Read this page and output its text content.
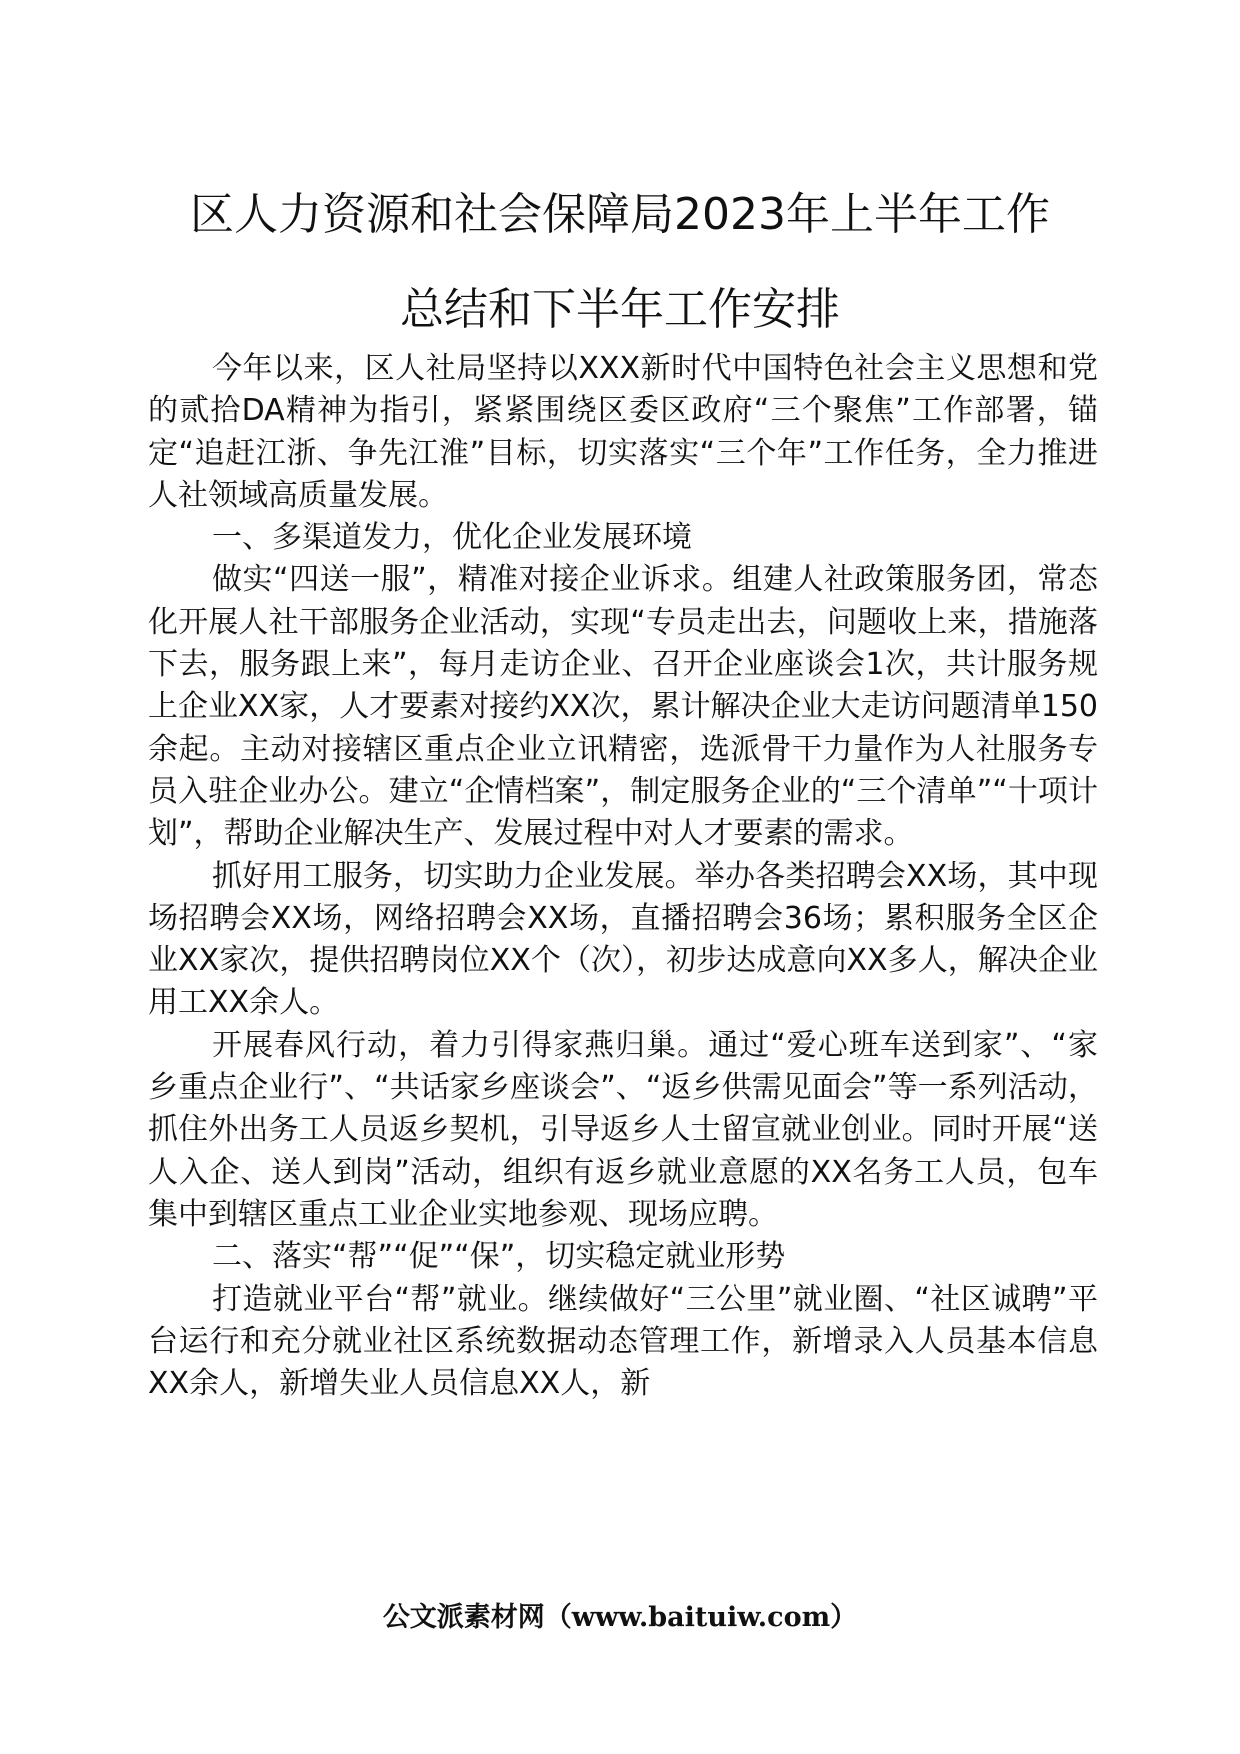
区人力资源和社会保障局2023年上半年工作
总结和下半年工作安排

今年以来，区人社局坚持以XXX新时代中国特色社会主义思想和党的贰拾DA精神为指引，紧紧围绕区委区政府“三个聚焦”工作部署，锚定“追赶江浙、争先江淮”目标，切实落实“三个年”工作任务，全力推进人社领域高质量发展。

一、多渠道发力，优化企业发展环境

做实“四送一服”，精准对接企业诉求。组建人社政策服务团，常态化开展人社干部服务企业活动，实现“专员走出去，问题收上来，措施落下去，服务跟上来”，每月走访企业、召开企业座谈会1次，共计服务规上企业XX家，人才要素对接约XX次，累计解决企业大走访问题清单150余起。主动对接辖区重点企业立讯精密，选派骨干力量作为人社服务专员入驻企业办公。建立“企情档案”，制定服务企业的“三个清单”“十项计划”，帮助企业解决生产、发展过程中对人才要素的需求。

抓好用工服务，切实助力企业发展。举办各类招聘会XX场，其中现场招聘会XX场，网络招聘会XX场，直播招聘会36场；累积服务全区企业XX家次，提供招聘岗位XX个（次），初步达成意向XX多人，解决企业用工XX余人。

开展春风行动，着力引得家燕归巢。通过“爱心班车送到家”、“家乡重点企业行”、“共话家乡座谈会”、“返乡供需见面会”等一系列活动，抓住外出务工人员返乡契机，引导返乡人士留宣就业创业。同时开展“送人入企、送人到岗”活动，组织有返乡就业意愿的XX名务工人员，包车集中到辖区重点工业企业实地参观、现场应聘。

二、落实“帮”“促”“保”，切实稳定就业形势

打造就业平台“帮”就业。继续做好“三公里”就业圈、“社区诚聘”平台运行和充分就业社区系统数据动态管理工作，新增录入人员基本信息XX余人，新增失业人员信息XX人，新

公文派素材网（www.baituiw.com）
